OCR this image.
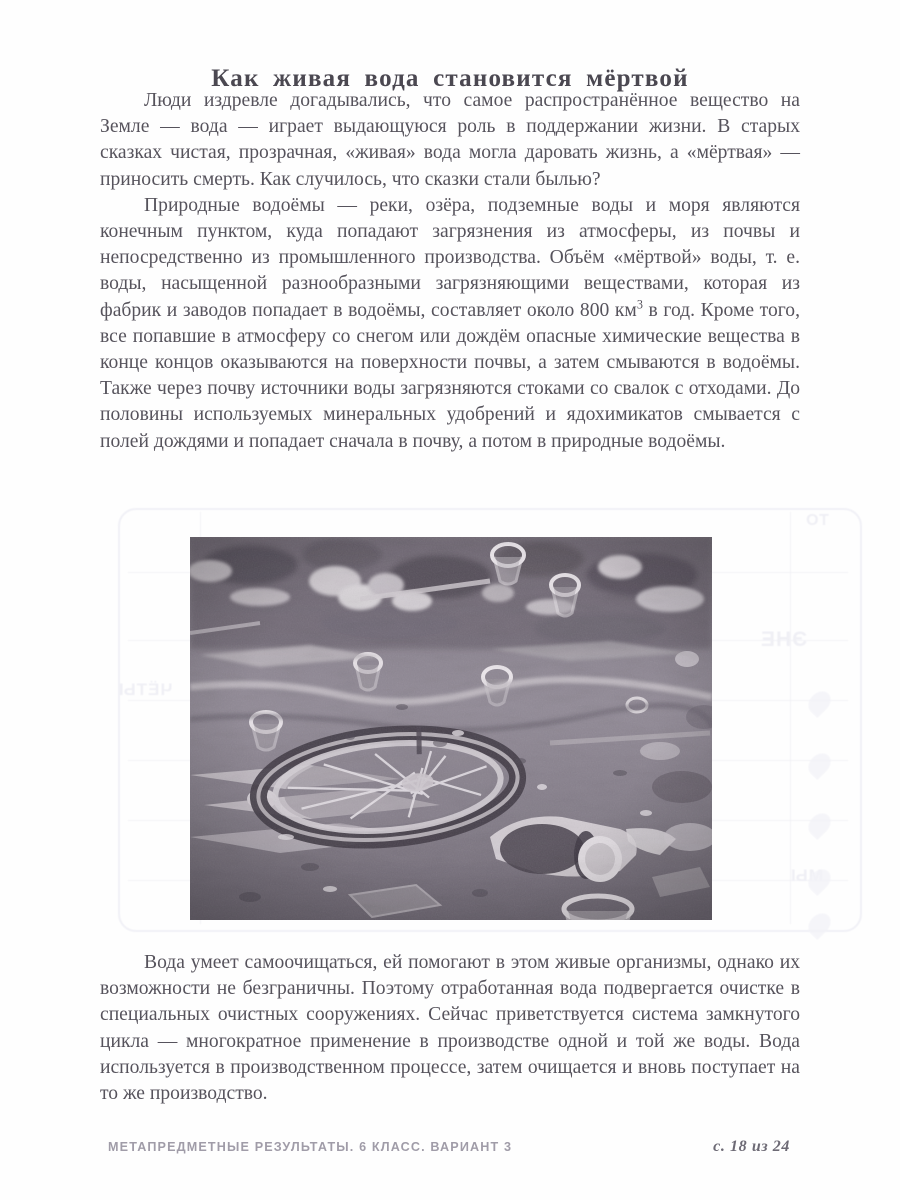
ЭНЕ
ЧЁТЫ
МЫ
ТО
Как живая вода становится мёртвой

Люди издревле догадывались, что самое распространённое вещество на Земле — вода — играет выдающуюся роль в поддержании жизни. В старых сказках чистая, прозрачная, «живая» вода могла даровать жизнь, а «мёртвая» — приносить смерть. Как случилось, что сказки стали былью?

Природные водоёмы — реки, озёра, подземные воды и моря являются конечным пунктом, куда попадают загрязнения из атмосферы, из почвы и непосредственно из промышленного производства. Объём «мёртвой» воды, т. е. воды, насыщенной разнообразными загрязняющими веществами, которая из фабрик и заводов попадает в водоёмы, составляет около 800 $км^3$ в год. Кроме того, все попавшие в атмосферу со снегом или дождём опасные химические вещества в конце концов оказываются на поверхности почвы, а затем смываются в водоёмы. Также через почву источники воды загрязняются стоками со свалок с отходами. До половины используемых минеральных удобрений и ядохимикатов смывается с полей дождями и попадает сначала в почву, а потом в природные водоёмы.

Вода умеет самоочищаться, ей помогают в этом живые организмы, однако их возможности не безграничны. Поэтому отработанная вода подвергается очистке в специальных очистных сооружениях. Сейчас приветствуется система замкнутого цикла — многократное применение в производстве одной и той же воды. Вода используется в производственном процессе, затем очищается и вновь поступает на то же производство.

МЕТАПРЕДМЕТНЫЕ РЕЗУЛЬТАТЫ. 6 КЛАСС. ВАРИАНТ 3	с. 18 из 24
